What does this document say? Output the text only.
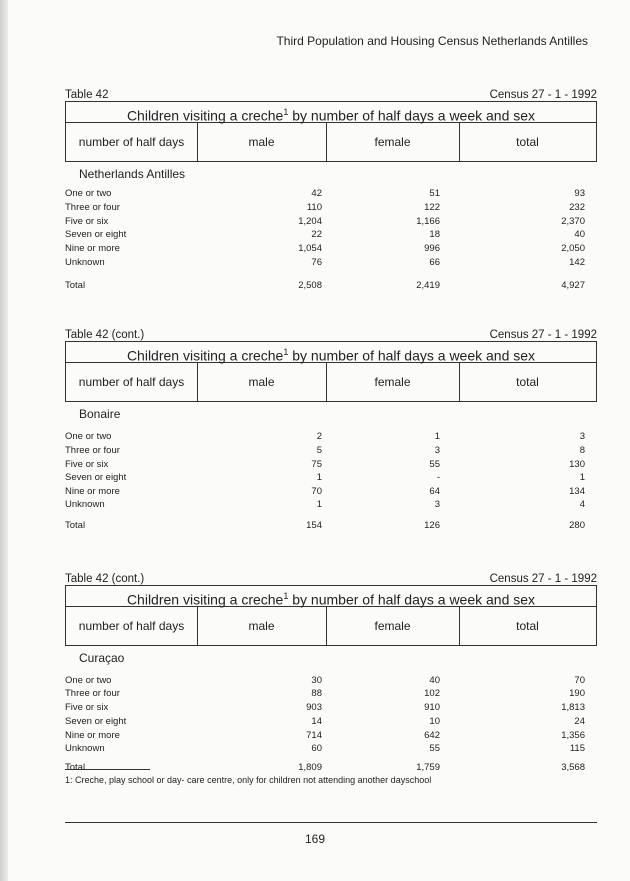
Third Population and Housing Census Netherlands Antilles
Table 42	Census 27 - 1 - 1992
Children visiting a creche$^1$ by number of half days a week and sex
number of half days	male	female	total
Netherlands Antilles
One or two	42	51	93
Three or four	110	122	232
Five or six	1,204	1,166	2,370
Seven or eight	22	18	40
Nine or more	1,054	996	2,050
Unknown	76	66	142
Total	2,508	2,419	4,927
Table 42 (cont.)	Census 27 - 1 - 1992
Children visiting a creche$^1$ by number of half days a week and sex
number of half days	male	female	total
Bonaire
One or two	2	1	3
Three or four	5	3	8
Five or six	75	55	130
Seven or eight	1	-	1
Nine or more	70	64	134
Unknown	1	3	4
Total	154	126	280
Table 42 (cont.)	Census 27 - 1 - 1992
Children visiting a creche$^1$ by number of half days a week and sex
number of half days	male	female	total
Curaçao
One or two	30	40	70
Three or four	88	102	190
Five or six	903	910	1,813
Seven or eight	14	10	24
Nine or more	714	642	1,356
Unknown	60	55	115
Total	1,809	1,759	3,568
1: Creche, play school or day- care centre, only for children not attending another dayschool
169
